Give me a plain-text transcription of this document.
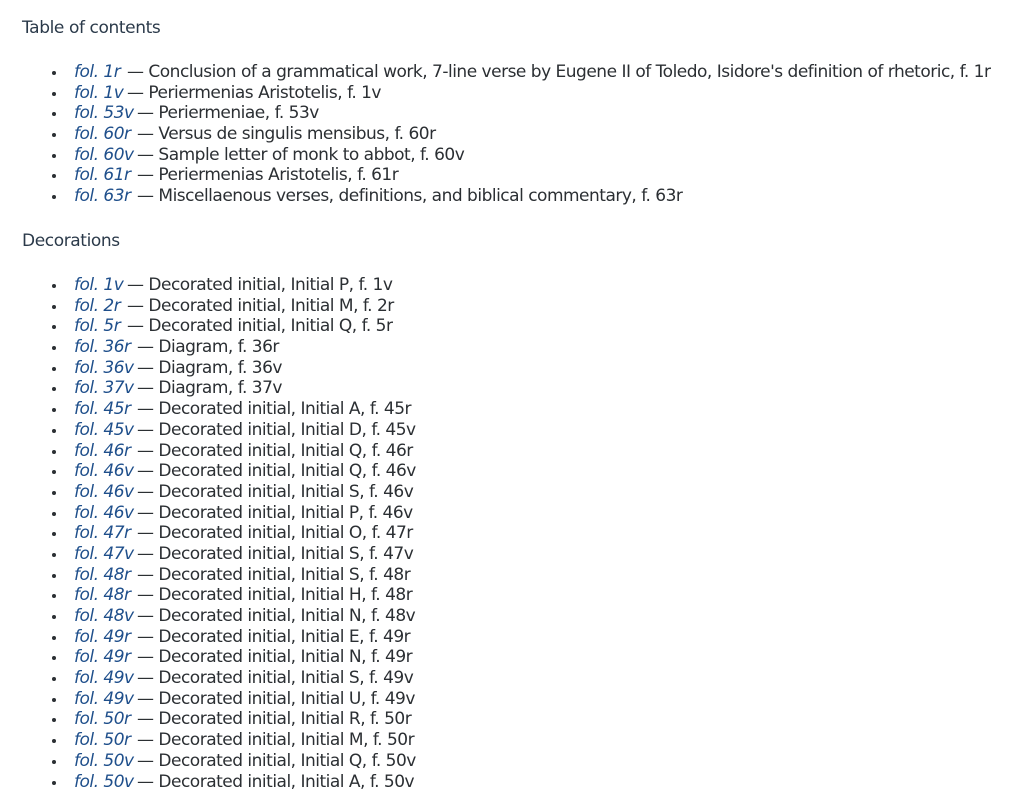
Table of contents
fol. 1r — Conclusion of a grammatical work, 7-line verse by Eugene II of Toledo, Isidore's definition of rhetoric, f. 1r
fol. 1v — Periermenias Aristotelis, f. 1v
fol. 53v — Periermeniae, f. 53v
fol. 60r — Versus de singulis mensibus, f. 60r
fol. 60v — Sample letter of monk to abbot, f. 60v
fol. 61r — Periermenias Aristotelis, f. 61r
fol. 63r — Miscellaenous verses, definitions, and biblical commentary, f. 63r
Decorations
fol. 1v — Decorated initial, Initial P, f. 1v
fol. 2r — Decorated initial, Initial M, f. 2r
fol. 5r — Decorated initial, Initial Q, f. 5r
fol. 36r — Diagram, f. 36r
fol. 36v — Diagram, f. 36v
fol. 37v — Diagram, f. 37v
fol. 45r — Decorated initial, Initial A, f. 45r
fol. 45v — Decorated initial, Initial D, f. 45v
fol. 46r — Decorated initial, Initial Q, f. 46r
fol. 46v — Decorated initial, Initial Q, f. 46v
fol. 46v — Decorated initial, Initial S, f. 46v
fol. 46v — Decorated initial, Initial P, f. 46v
fol. 47r — Decorated initial, Initial O, f. 47r
fol. 47v — Decorated initial, Initial S, f. 47v
fol. 48r — Decorated initial, Initial S, f. 48r
fol. 48r — Decorated initial, Initial H, f. 48r
fol. 48v — Decorated initial, Initial N, f. 48v
fol. 49r — Decorated initial, Initial E, f. 49r
fol. 49r — Decorated initial, Initial N, f. 49r
fol. 49v — Decorated initial, Initial S, f. 49v
fol. 49v — Decorated initial, Initial U, f. 49v
fol. 50r — Decorated initial, Initial R, f. 50r
fol. 50r — Decorated initial, Initial M, f. 50r
fol. 50v — Decorated initial, Initial Q, f. 50v
fol. 50v — Decorated initial, Initial A, f. 50v
